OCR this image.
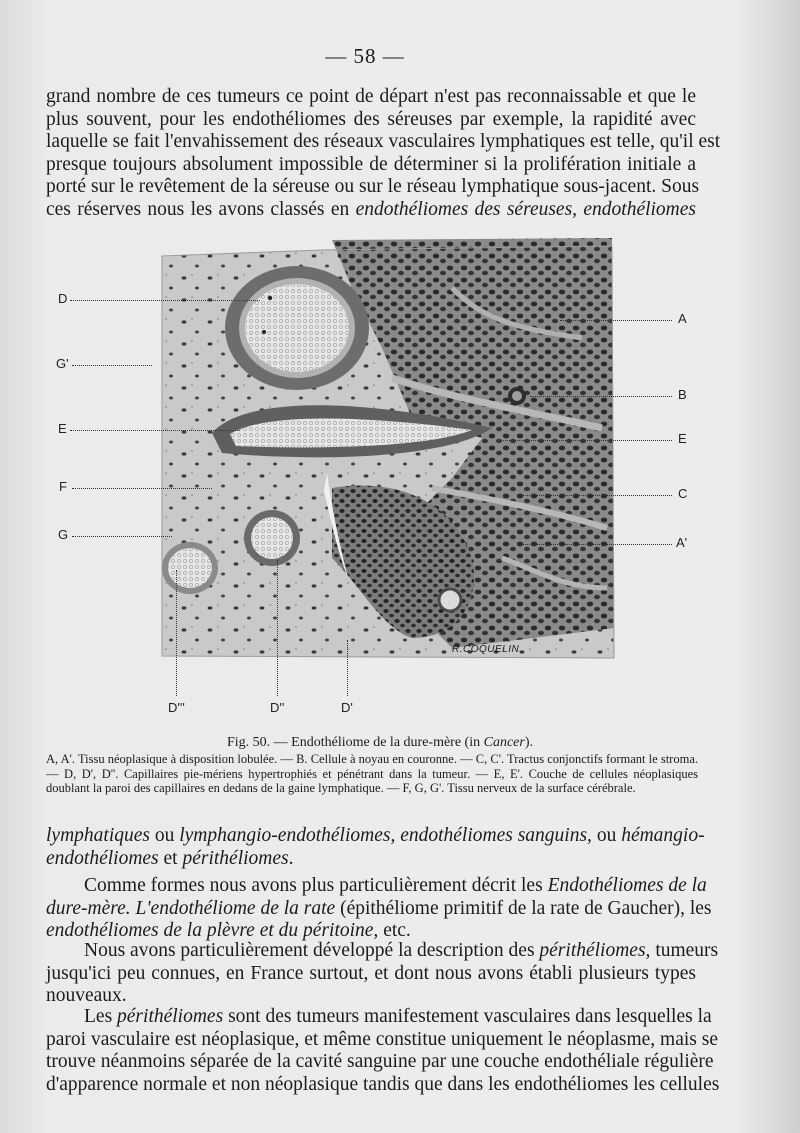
— 58 —
grand nombre de ces tumeurs ce point de départ n'est pas reconnaissable et que le
plus souvent, pour les endothéliomes des séreuses par exemple, la rapidité avec
laquelle se fait l'envahissement des réseaux vasculaires lymphatiques est telle, qu'il est
presque toujours absolument impossible de déterminer si la prolifération initiale a
porté sur le revêtement de la séreuse ou sur le réseau lymphatique sous-jacent. Sous
ces réserves nous les avons classés en endothéliomes des séreuses, endothéliomes
R.COQUELIN.
D
G'
E
F
G
A
B
E
C
A'
D'''	D''	D'
Fig. 50. — Endothéliome de la dure-mère (in Cancer).
A, A'. Tissu néoplasique à disposition lobulée. — B. Cellule à noyau en couronne. — C, C'. Tractus conjonctifs formant le stroma. — D, D', D''. Capillaires pie-mériens hypertrophiés et pénétrant dans la tumeur. — E, E'. Couche de cellules néoplasiques doublant la paroi des capillaires en dedans de la gaine lymphatique. — F, G, G'. Tissu nerveux de la surface cérébrale.
lymphatiques ou lymphangio-endothéliomes, endothéliomes sanguins, ou hémangio-
endothéliomes et périthéliomes.
Comme formes nous avons plus particulièrement décrit les Endothéliomes de la
dure-mère. L'endothéliome de la rate (épithéliome primitif de la rate de Gaucher), les
endothéliomes de la plèvre et du péritoine, etc.
Nous avons particulièrement développé la description des périthéliomes, tumeurs
jusqu'ici peu connues, en France surtout, et dont nous avons établi plusieurs types
nouveaux.
Les périthéliomes sont des tumeurs manifestement vasculaires dans lesquelles la
paroi vasculaire est néoplasique, et même constitue uniquement le néoplasme, mais se
trouve néanmoins séparée de la cavité sanguine par une couche endothéliale régulière
d'apparence normale et non néoplasique tandis que dans les endothéliomes les cellules
